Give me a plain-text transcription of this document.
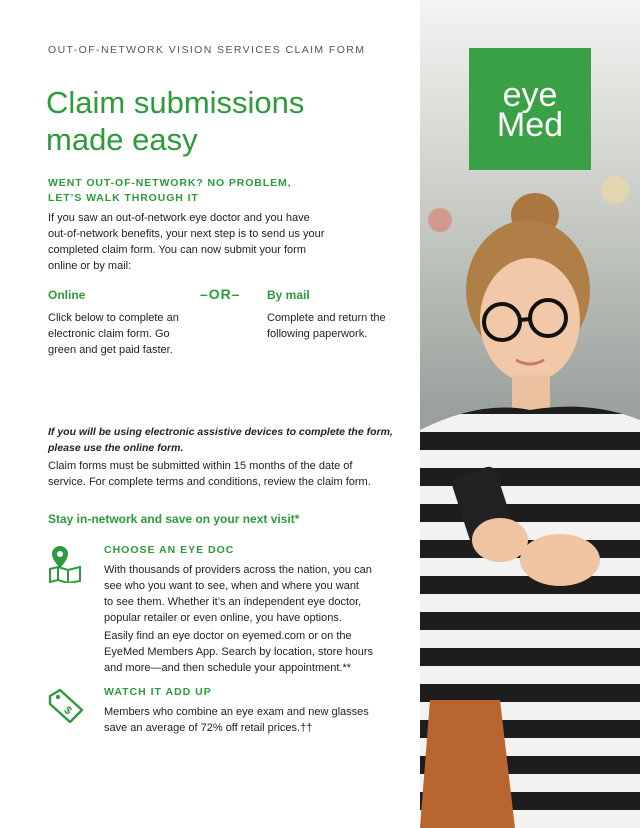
OUT-OF-NETWORK VISION SERVICES CLAIM FORM
Claim submissions
made easy
WENT OUT-OF-NETWORK? NO PROBLEM,
LET’S WALK THROUGH IT
If you saw an out-of-network eye doctor and you have
out-of-network benefits, your next step is to send us your
completed claim form. You can now submit your form
online or by mail:
Online	–OR– By mail
Click below to complete an
electronic claim form. Go
green and get paid faster.
Complete and return the
following paperwork.
If you will be using electronic assistive devices to complete the form,
please use the online form.
Claim forms must be submitted within 15 months of the date of
service. For complete terms and conditions, review the claim form.
Stay in-network and save on your next visit*
CHOOSE AN EYE DOC
With thousands of providers across the nation, you can
see who you want to see, when and where you want
to see them. Whether it’s an independent eye doctor,
popular retailer or even online, you have options.
Easily find an eye doctor on eyemed.com or on the
EyeMed Members App. Search by location, store hours
and more—and then schedule your appointment.**
$
WATCH IT ADD UP
Members who combine an eye exam and new glasses
save an average of 72% off retail prices.††
eye
Med
